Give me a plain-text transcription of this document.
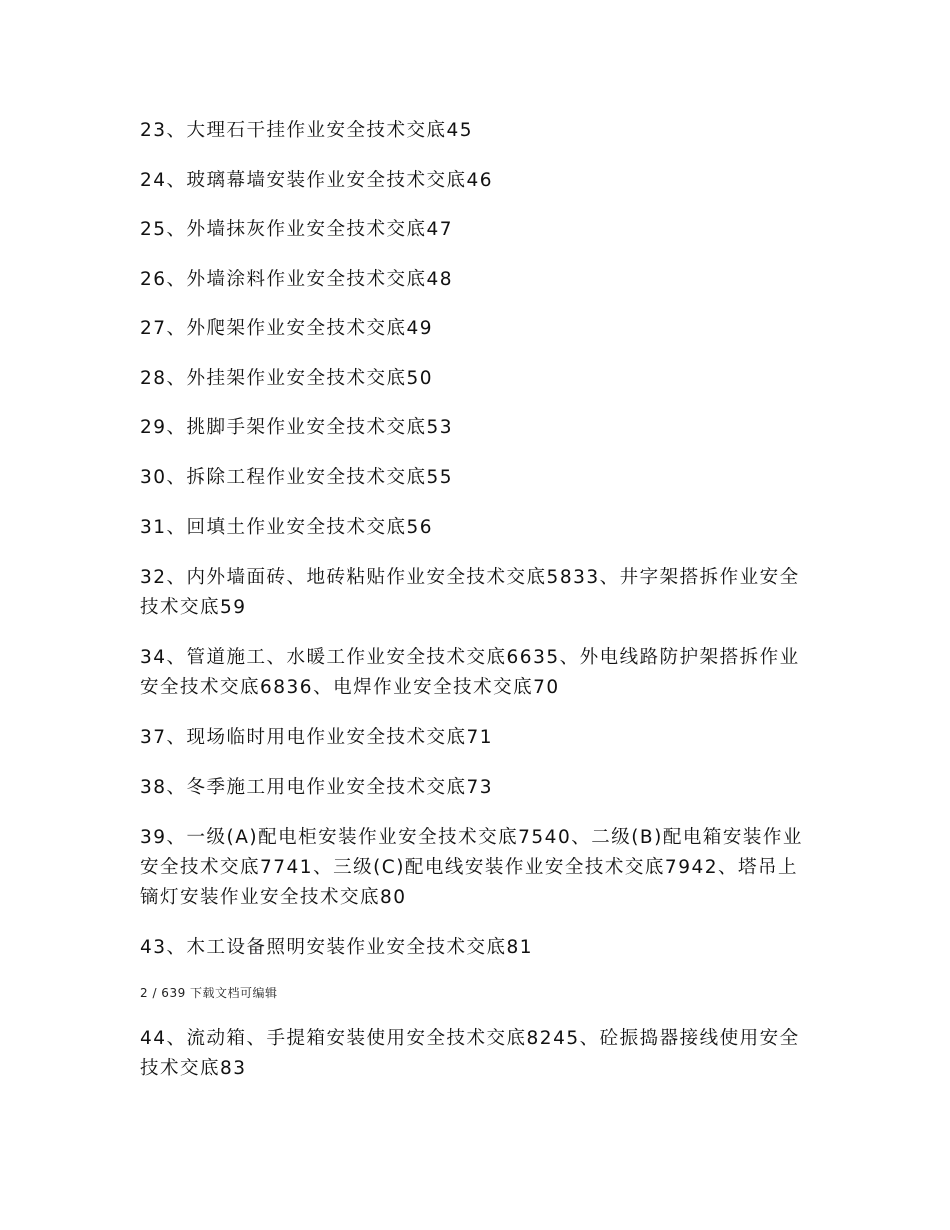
23、大理石干挂作业安全技术交底45

24、玻璃幕墙安装作业安全技术交底46

25、外墙抹灰作业安全技术交底47

26、外墙涂料作业安全技术交底48

27、外爬架作业安全技术交底49

28、外挂架作业安全技术交底50

29、挑脚手架作业安全技术交底53

30、拆除工程作业安全技术交底55

31、回填土作业安全技术交底56

32、内外墙面砖、地砖粘贴作业安全技术交底5833、井字架搭拆作业安全技术交底59

34、管道施工、水暖工作业安全技术交底6635、外电线路防护架搭拆作业安全技术交底6836、电焊作业安全技术交底70

37、现场临时用电作业安全技术交底71

38、冬季施工用电作业安全技术交底73

39、一级(A)配电柜安装作业安全技术交底7540、二级(B)配电箱安装作业安全技术交底7741、三级(C)配电线安装作业安全技术交底7942、塔吊上镝灯安装作业安全技术交底80

43、木工设备照明安装作业安全技术交底81

2 / 639 下载文档可编辑

44、流动箱、手提箱安装使用安全技术交底8245、砼振捣器接线使用安全技术交底83
